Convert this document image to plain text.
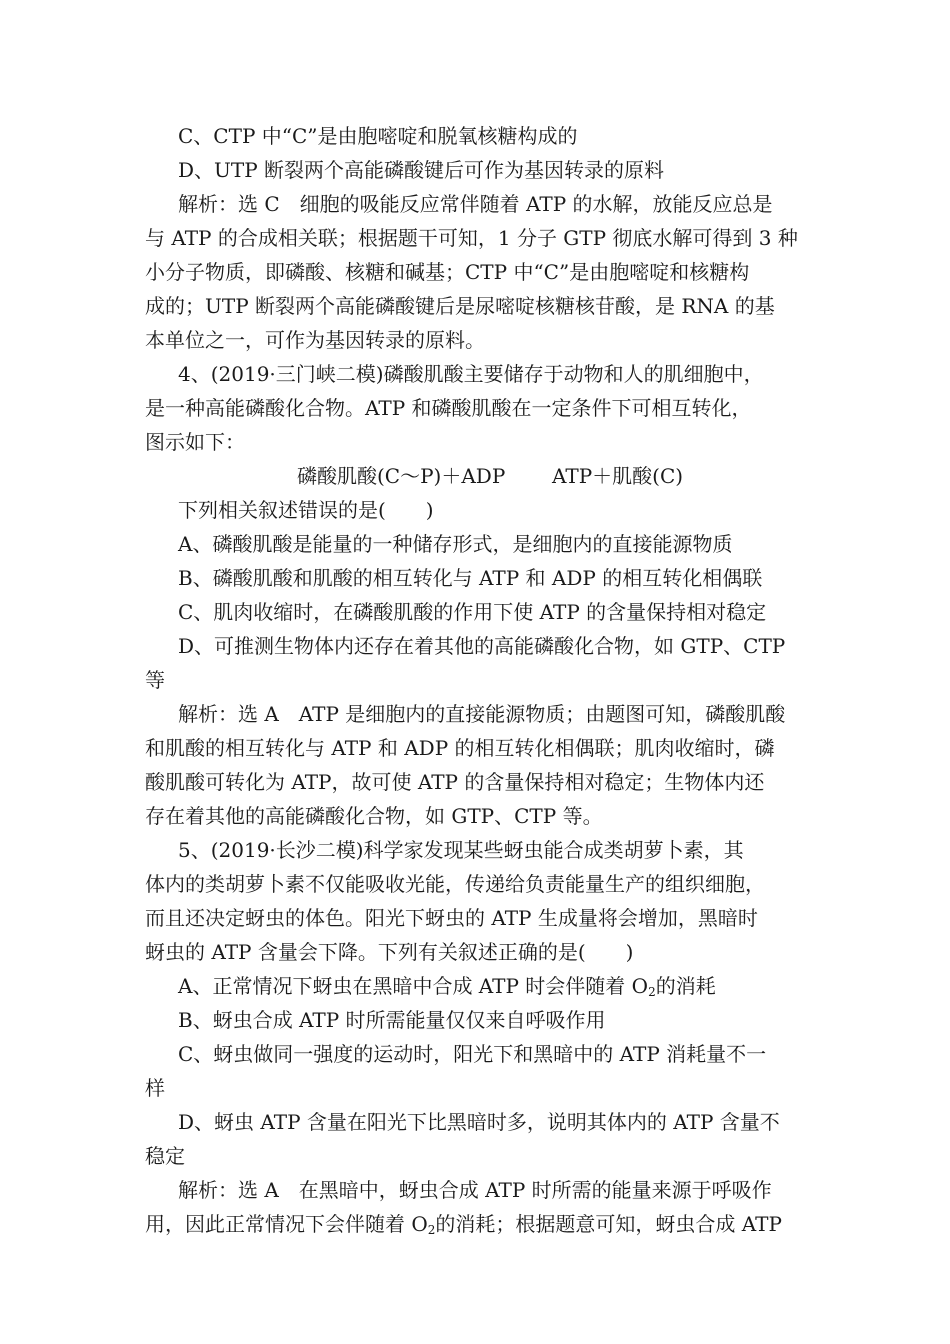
C、CTP 中“C”是由胞嘧啶和脱氧核糖构成的
D、UTP 断裂两个高能磷酸键后可作为基因转录的原料
解析：选 C　细胞的吸能反应常伴随着 ATP 的水解，放能反应总是
与 ATP 的合成相关联；根据题干可知，1 分子 GTP 彻底水解可得到 3 种
小分子物质，即磷酸、核糖和碱基；CTP 中“C”是由胞嘧啶和核糖构
成的；UTP 断裂两个高能磷酸键后是尿嘧啶核糖核苷酸，是 RNA 的基
本单位之一，可作为基因转录的原料。
4、(2019·三门峡二模)磷酸肌酸主要储存于动物和人的肌细胞中，
是一种高能磷酸化合物。ATP 和磷酸肌酸在一定条件下可相互转化，
图示如下：
磷酸肌酸(C～P)＋ADP ATP＋肌酸(C)
下列相关叙述错误的是(　　)
A、磷酸肌酸是能量的一种储存形式，是细胞内的直接能源物质
B、磷酸肌酸和肌酸的相互转化与 ATP 和 ADP 的相互转化相偶联
C、肌肉收缩时，在磷酸肌酸的作用下使 ATP 的含量保持相对稳定
D、可推测生物体内还存在着其他的高能磷酸化合物，如 GTP、CTP
等
解析：选 A　ATP 是细胞内的直接能源物质；由题图可知，磷酸肌酸
和肌酸的相互转化与 ATP 和 ADP 的相互转化相偶联；肌肉收缩时，磷
酸肌酸可转化为 ATP，故可使 ATP 的含量保持相对稳定；生物体内还
存在着其他的高能磷酸化合物，如 GTP、CTP 等。
5、(2019·长沙二模)科学家发现某些蚜虫能合成类胡萝卜素，其
体内的类胡萝卜素不仅能吸收光能，传递给负责能量生产的组织细胞，
而且还决定蚜虫的体色。阳光下蚜虫的 ATP 生成量将会增加，黑暗时
蚜虫的 ATP 含量会下降。下列有关叙述正确的是(　　)
A、正常情况下蚜虫在黑暗中合成 ATP 时会伴随着 $O_2$的消耗
B、蚜虫合成 ATP 时所需能量仅仅来自呼吸作用
C、蚜虫做同一强度的运动时，阳光下和黑暗中的 ATP 消耗量不一
样
D、蚜虫 ATP 含量在阳光下比黑暗时多，说明其体内的 ATP 含量不
稳定
解析：选 A　在黑暗中，蚜虫合成 ATP 时所需的能量来源于呼吸作
用，因此正常情况下会伴随着 $O_2$的消耗；根据题意可知，蚜虫合成 ATP
